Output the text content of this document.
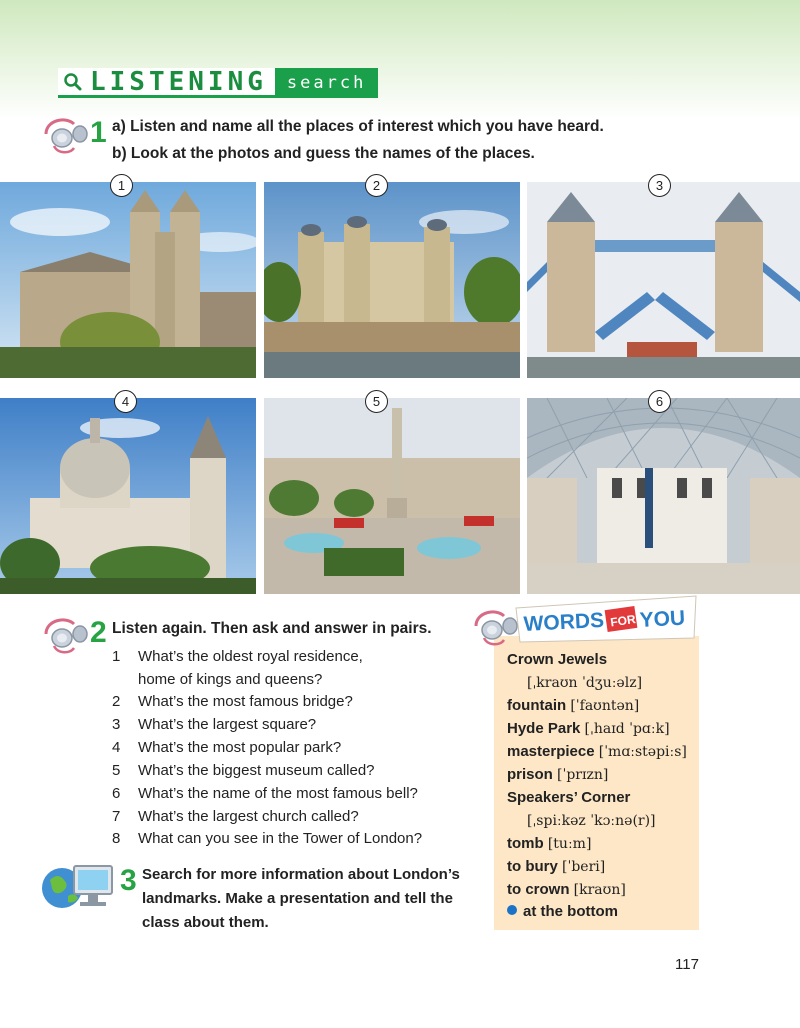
LISTENING	search
1 a) Listen and name all the places of interest which you have heard.
b) Look at the photos and guess the names of the places.
1	2	3
4	5	6
2 Listen again. Then ask and answer in pairs.
1 What’s the oldest royal residence,
home of kings and queens?
2 What’s the most famous bridge?
3 What’s the largest square?
4 What’s the most popular park?
5 What’s the biggest museum called?
6 What’s the name of the most famous bell?
7 What’s the largest church called?
8 What can you see in the Tower of London?
3 Search for more information about London’s
landmarks. Make a presentation and tell the
class about them.
WORDS FOR YOU
Crown Jewels
[ˌkraʊn ˈdʒuːəlz]
fountain [ˈfaʊntən]
Hyde Park [ˌhaɪd ˈpɑːk]
masterpiece [ˈmɑːstəpiːs]
prison [ˈprɪzn]
Speakers’ Corner
[ˌspiːkəz ˈkɔːnə(r)]
tomb [tuːm]
to bury [ˈberi]
to crown [kraʊn]
at the bottom
117
